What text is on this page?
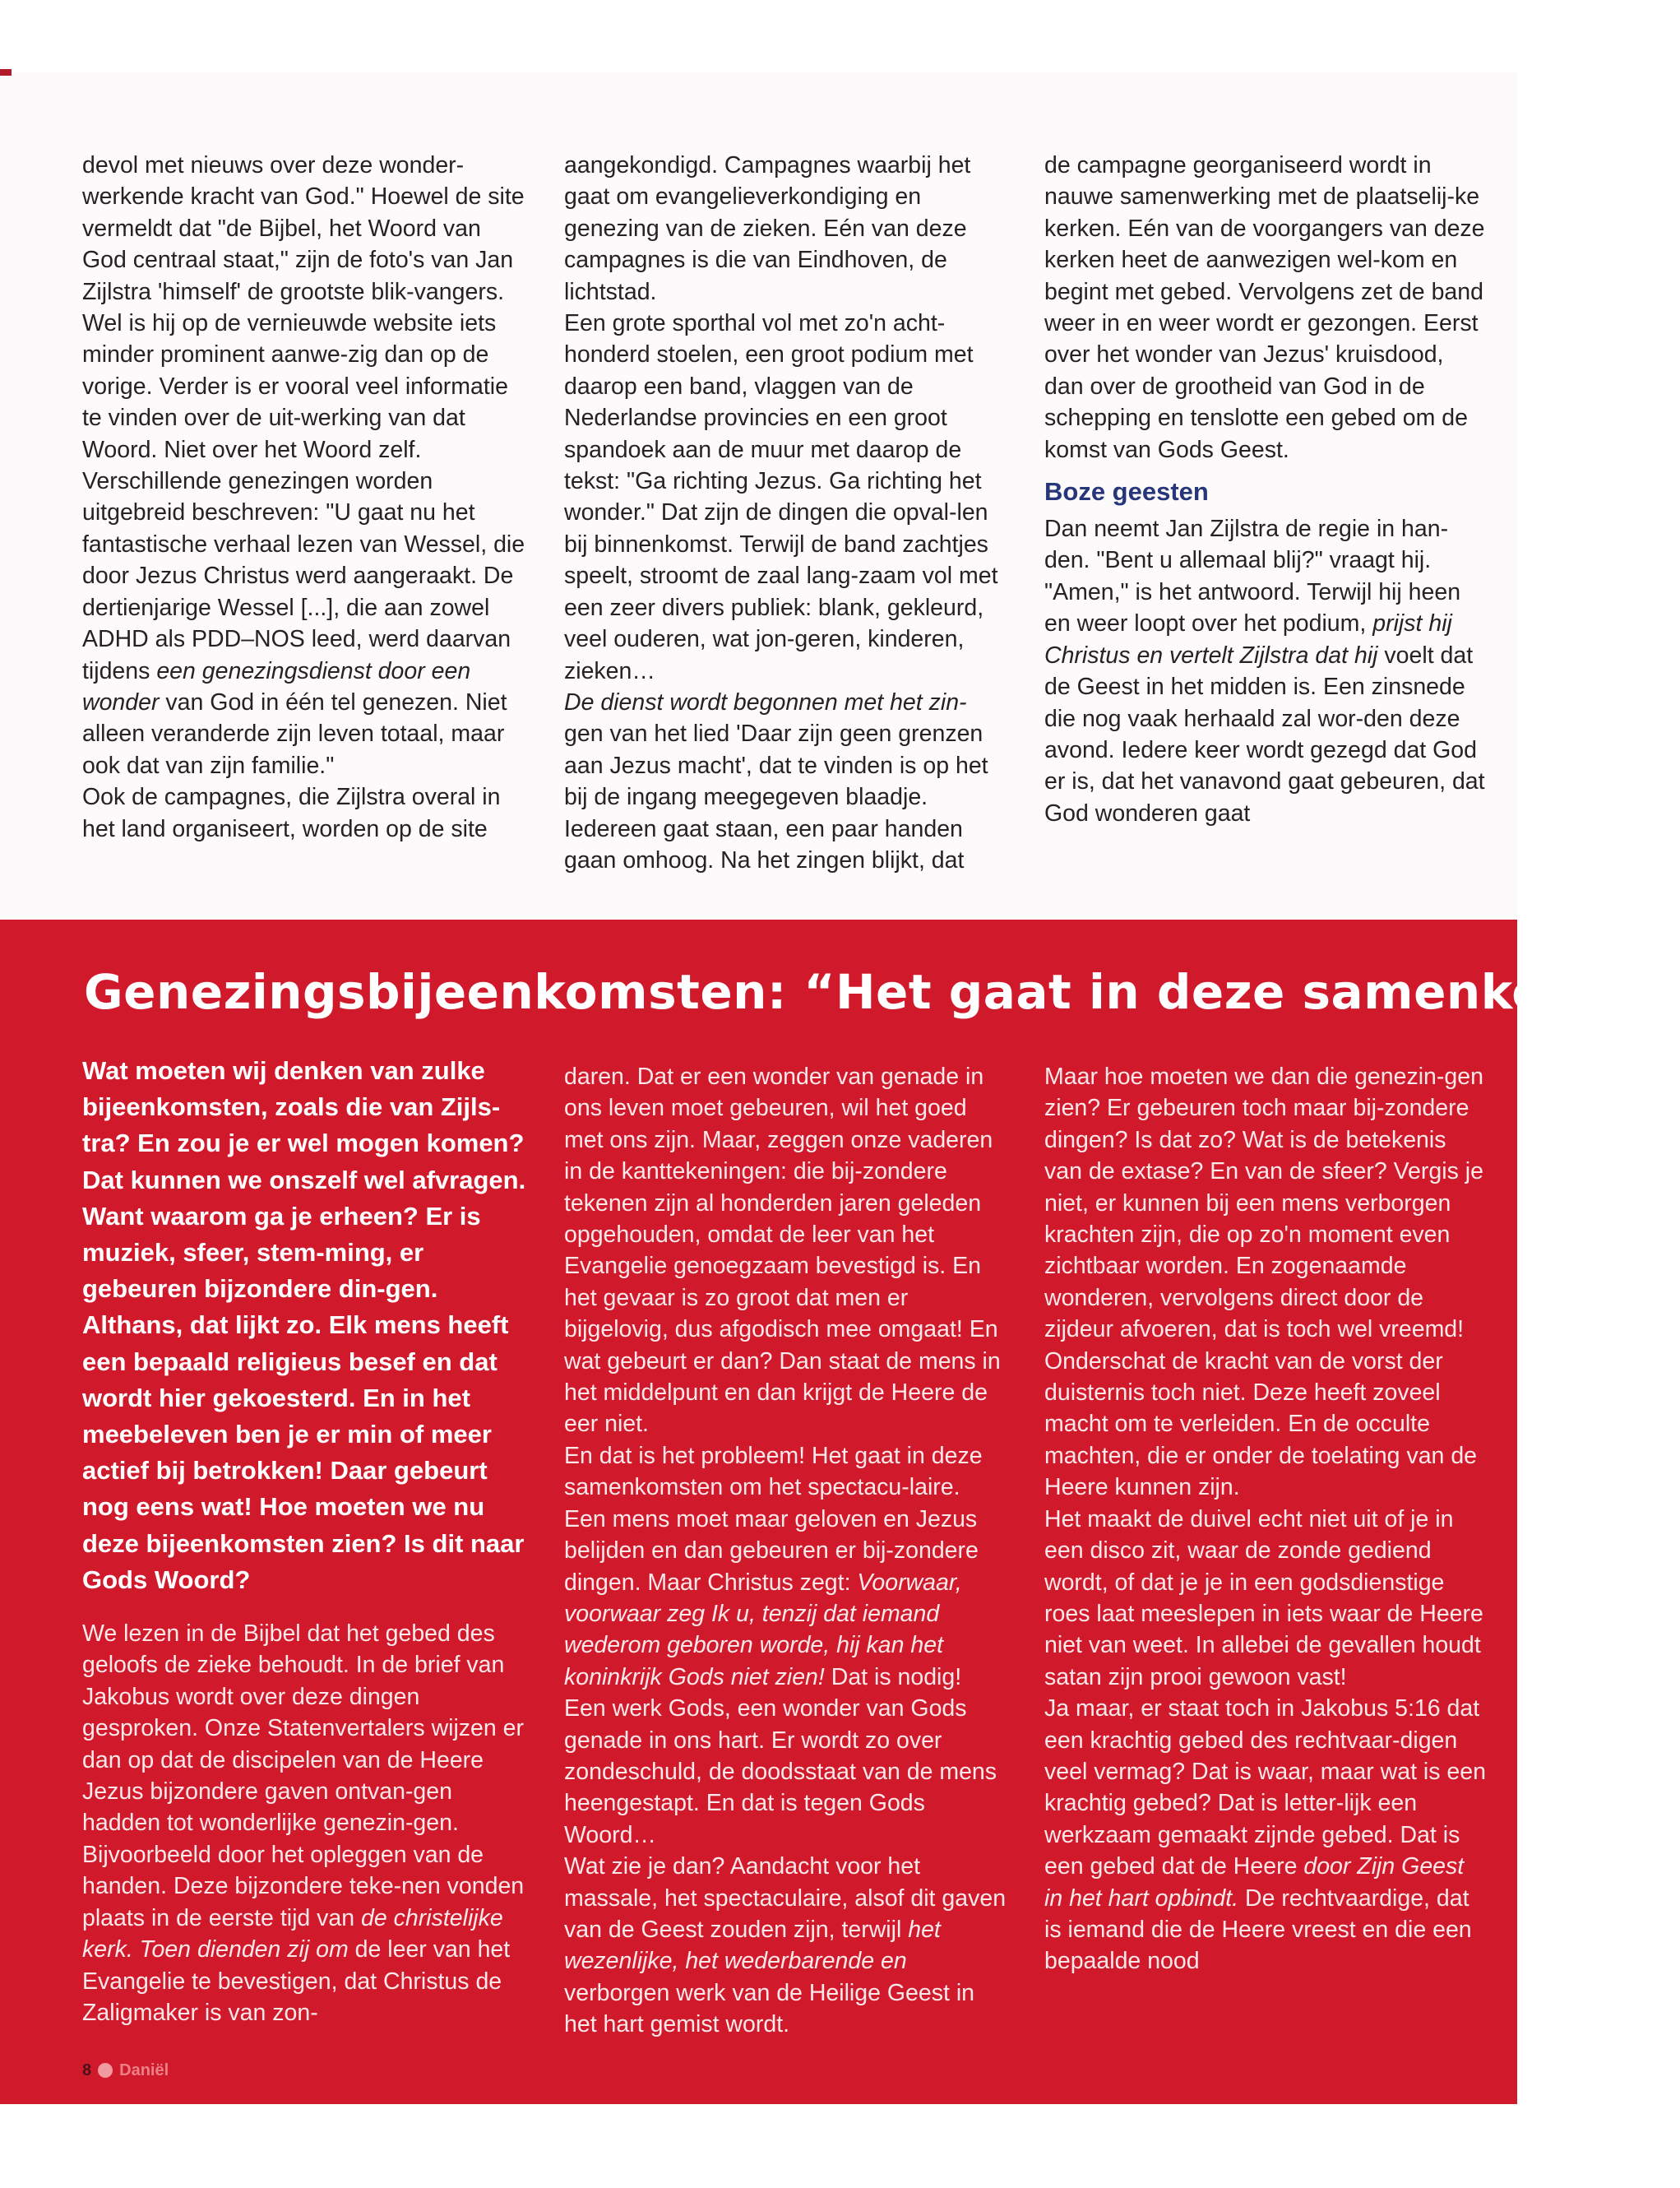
devol met nieuws over deze wonder-werkende kracht van God." Hoewel de site vermeldt dat "de Bijbel, het Woord van God centraal staat," zijn de foto's van Jan Zijlstra 'himself' de grootste blik-vangers. Wel is hij op de vernieuwde website iets minder prominent aanwe-zig dan op de vorige. Verder is er vooral veel informatie te vinden over de uit-werking van dat Woord. Niet over het Woord zelf. Verschillende genezingen worden uitgebreid beschreven: "U gaat nu het fantastische verhaal lezen van Wessel, die door Jezus Christus werd aangeraakt. De dertienjarige Wessel [...], die aan zowel ADHD als PDD–NOS leed, werd daarvan tijdens een genezingsdienst door een wonder van God in één tel genezen. Niet alleen veranderde zijn leven totaal, maar ook dat van zijn familie."

Ook de campagnes, die Zijlstra overal in het land organiseert, worden op de site

aangekondigd. Campagnes waarbij het gaat om evangelieverkondiging en genezing van de zieken. Eén van deze campagnes is die van Eindhoven, de lichtstad.

Een grote sporthal vol met zo'n acht-honderd stoelen, een groot podium met daarop een band, vlaggen van de Nederlandse provincies en een groot spandoek aan de muur met daarop de tekst: "Ga richting Jezus. Ga richting het wonder." Dat zijn de dingen die opval-len bij binnenkomst. Terwijl de band zachtjes speelt, stroomt de zaal lang-zaam vol met een zeer divers publiek: blank, gekleurd, veel ouderen, wat jon-geren, kinderen, zieken…

De dienst wordt begonnen met het zin- gen van het lied 'Daar zijn geen grenzen aan Jezus macht', dat te vinden is op het bij de ingang meegegeven blaadje. Iedereen gaat staan, een paar handen gaan omhoog. Na het zingen blijkt, dat

de campagne georganiseerd wordt in nauwe samenwerking met de plaatselij-ke kerken. Eén van de voorgangers van deze kerken heet de aanwezigen wel-kom en begint met gebed. Vervolgens zet de band weer in en weer wordt er gezongen. Eerst over het wonder van Jezus' kruisdood, dan over de grootheid van God in de schepping en tenslotte een gebed om de komst van Gods Geest.

Boze geesten

Dan neemt Jan Zijlstra de regie in han-den. "Bent u allemaal blij?" vraagt hij. "Amen," is het antwoord. Terwijl hij heen en weer loopt over het podium, prijst hij Christus en vertelt Zijlstra dat hij voelt dat de Geest in het midden is. Een zinsnede die nog vaak herhaald zal wor-den deze avond. Iedere keer wordt gezegd dat God er is, dat het vanavond gaat gebeuren, dat God wonderen gaat

Genezingsbijeenkomsten: “Het gaat in deze samenkomste
Wat moeten wij denken van zulke bijeenkomsten, zoals die van Zijls-tra? En zou je er wel mogen komen? Dat kunnen we onszelf wel afvragen. Want waarom ga je erheen? Er is muziek, sfeer, stem-ming, er gebeuren bijzondere din-gen. Althans, dat lijkt zo. Elk mens heeft een bepaald religieus besef en dat wordt hier gekoesterd. En in het meebeleven ben je er min of meer actief bij betrokken! Daar gebeurt nog eens wat! Hoe moeten we nu deze bijeenkomsten zien? Is dit naar Gods Woord?

We lezen in de Bijbel dat het gebed des geloofs de zieke behoudt. In de brief van Jakobus wordt over deze dingen gesproken. Onze Statenvertalers wijzen er dan op dat de discipelen van de Heere Jezus bijzondere gaven ontvan-gen hadden tot wonderlijke genezin-gen. Bijvoorbeeld door het opleggen van de handen. Deze bijzondere teke-nen vonden plaats in de eerste tijd van de christelijke kerk. Toen dienden zij om de leer van het Evangelie te bevestigen, dat Christus de Zaligmaker is van zon-

daren. Dat er een wonder van genade in ons leven moet gebeuren, wil het goed met ons zijn. Maar, zeggen onze vaderen in de kanttekeningen: die bij-zondere tekenen zijn al honderden jaren geleden opgehouden, omdat de leer van het Evangelie genoegzaam bevestigd is. En het gevaar is zo groot dat men er bijgelovig, dus afgodisch mee omgaat! En wat gebeurt er dan? Dan staat de mens in het middelpunt en dan krijgt de Heere de eer niet.

En dat is het probleem! Het gaat in deze samenkomsten om het spectacu-laire. Een mens moet maar geloven en Jezus belijden en dan gebeuren er bij-zondere dingen. Maar Christus zegt: Voorwaar, voorwaar zeg Ik u, tenzij dat iemand wederom geboren worde, hij kan het koninkrijk Gods niet zien! Dat is nodig! Een werk Gods, een wonder van Gods genade in ons hart. Er wordt zo over zondeschuld, de doodsstaat van de mens heengestapt. En dat is tegen Gods Woord…

Wat zie je dan? Aandacht voor het massale, het spectaculaire, alsof dit gaven van de Geest zouden zijn, terwijl het wezenlijke, het wederbarende en verborgen werk van de Heilige Geest in het hart gemist wordt.

Maar hoe moeten we dan die genezin-gen zien? Er gebeuren toch maar bij-zondere dingen? Is dat zo? Wat is de betekenis van de extase? En van de sfeer? Vergis je niet, er kunnen bij een mens verborgen krachten zijn, die op zo'n moment even zichtbaar worden. En zogenaamde wonderen, vervolgens direct door de zijdeur afvoeren, dat is toch wel vreemd! Onderschat de kracht van de vorst der duisternis toch niet. Deze heeft zoveel macht om te verleiden. En de occulte machten, die er onder de toelating van de Heere kunnen zijn.

Het maakt de duivel echt niet uit of je in een disco zit, waar de zonde gediend wordt, of dat je je in een godsdienstige roes laat meeslepen in iets waar de Heere niet van weet. In allebei de gevallen houdt satan zijn prooi gewoon vast!

Ja maar, er staat toch in Jakobus 5:16 dat een krachtig gebed des rechtvaar-digen veel vermag? Dat is waar, maar wat is een krachtig gebed? Dat is letter-lijk een werkzaam gemaakt zijnde gebed. Dat is een gebed dat de Heere door Zijn Geest in het hart opbindt. De rechtvaardige, dat is iemand die de Heere vreest en die een bepaalde nood

8 Daniël
